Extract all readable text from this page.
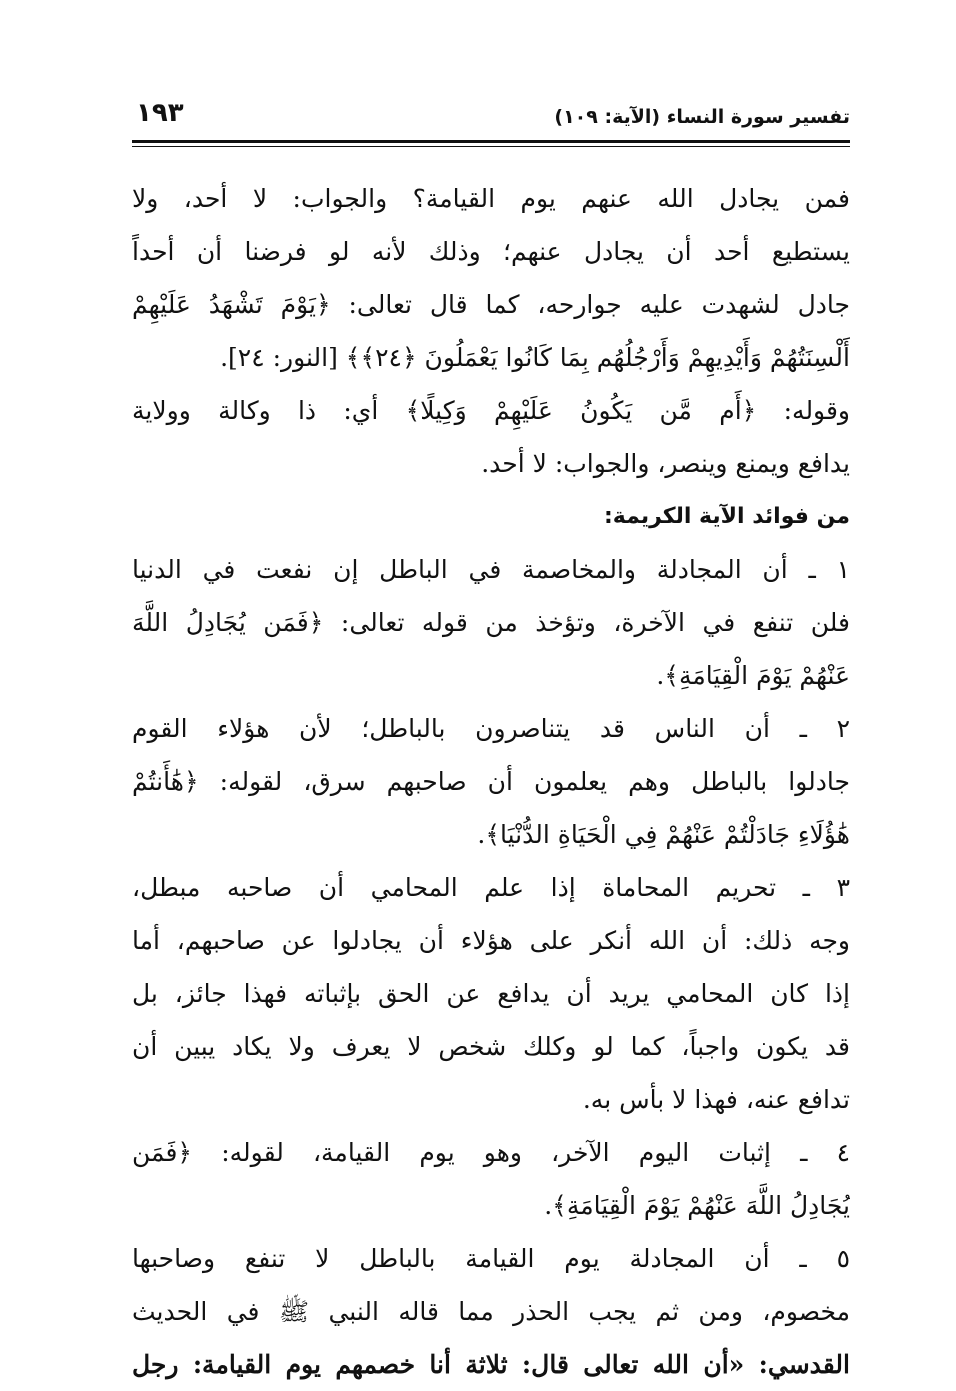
تفسير سورة النساء (الآية: ١٠٩)
١٩٣
فمن يجادل الله عنهم يوم القيامة؟ والجواب: لا أحد، ولا
يستطيع أحد أن يجادل عنهم؛ وذلك لأنه لو فرضنا أن أحداً
جادل لشهدت عليه جوارحه، كما قال تعالى: ﴿يَوْمَ تَشْهَدُ عَلَيْهِمْ
أَلْسِنَتُهُمْ وَأَيْدِيهِمْ وَأَرْجُلُهُم بِمَا كَانُوا يَعْمَلُونَ ﴿٢٤﴾﴾ [النور: ٢٤].
وقوله: ﴿أَم مَّن يَكُونُ عَلَيْهِمْ وَكِيلًا﴾ أي: ذا وكالة وولاية
يدافع ويمنع وينصر، والجواب: لا أحد.
من فوائد الآية الكريمة:
١ ـ أن المجادلة والمخاصمة في الباطل إن نفعت في الدنيا
فلن تنفع في الآخرة، وتؤخذ من قوله تعالى: ﴿فَمَن يُجَادِلُ اللَّهَ
عَنْهُمْ يَوْمَ الْقِيَامَةِ﴾.
٢ ـ أن الناس قد يتناصرون بالباطل؛ لأن هؤلاء القوم
جادلوا بالباطل وهم يعلمون أن صاحبهم سرق، لقوله: ﴿هَٰأَنتُمْ
هَٰؤُلَاءِ جَادَلْتُمْ عَنْهُمْ فِي الْحَيَاةِ الدُّنْيَا﴾.
٣ ـ تحريم المحاماة إذا علم المحامي أن صاحبه مبطل،
وجه ذلك: أن الله أنكر على هؤلاء أن يجادلوا عن صاحبهم، أما
إذا كان المحامي يريد أن يدافع عن الحق بإثباته فهذا جائز، بل
قد يكون واجباً، كما لو وكلك شخص لا يعرف ولا يكاد يبين أن
تدافع عنه، فهذا لا بأس به.
٤ ـ إثبات اليوم الآخر، وهو يوم القيامة، لقوله: ﴿فَمَن
يُجَادِلُ اللَّهَ عَنْهُمْ يَوْمَ الْقِيَامَةِ﴾.
٥ ـ أن المجادلة يوم القيامة بالباطل لا تنفع وصاحبها
مخصوم، ومن ثم يجب الحذر مما قاله النبي ﷺ في الحديث
القدسي: «أن الله تعالى قال: ثلاثة أنا خصمهم يوم القيامة: رجل
